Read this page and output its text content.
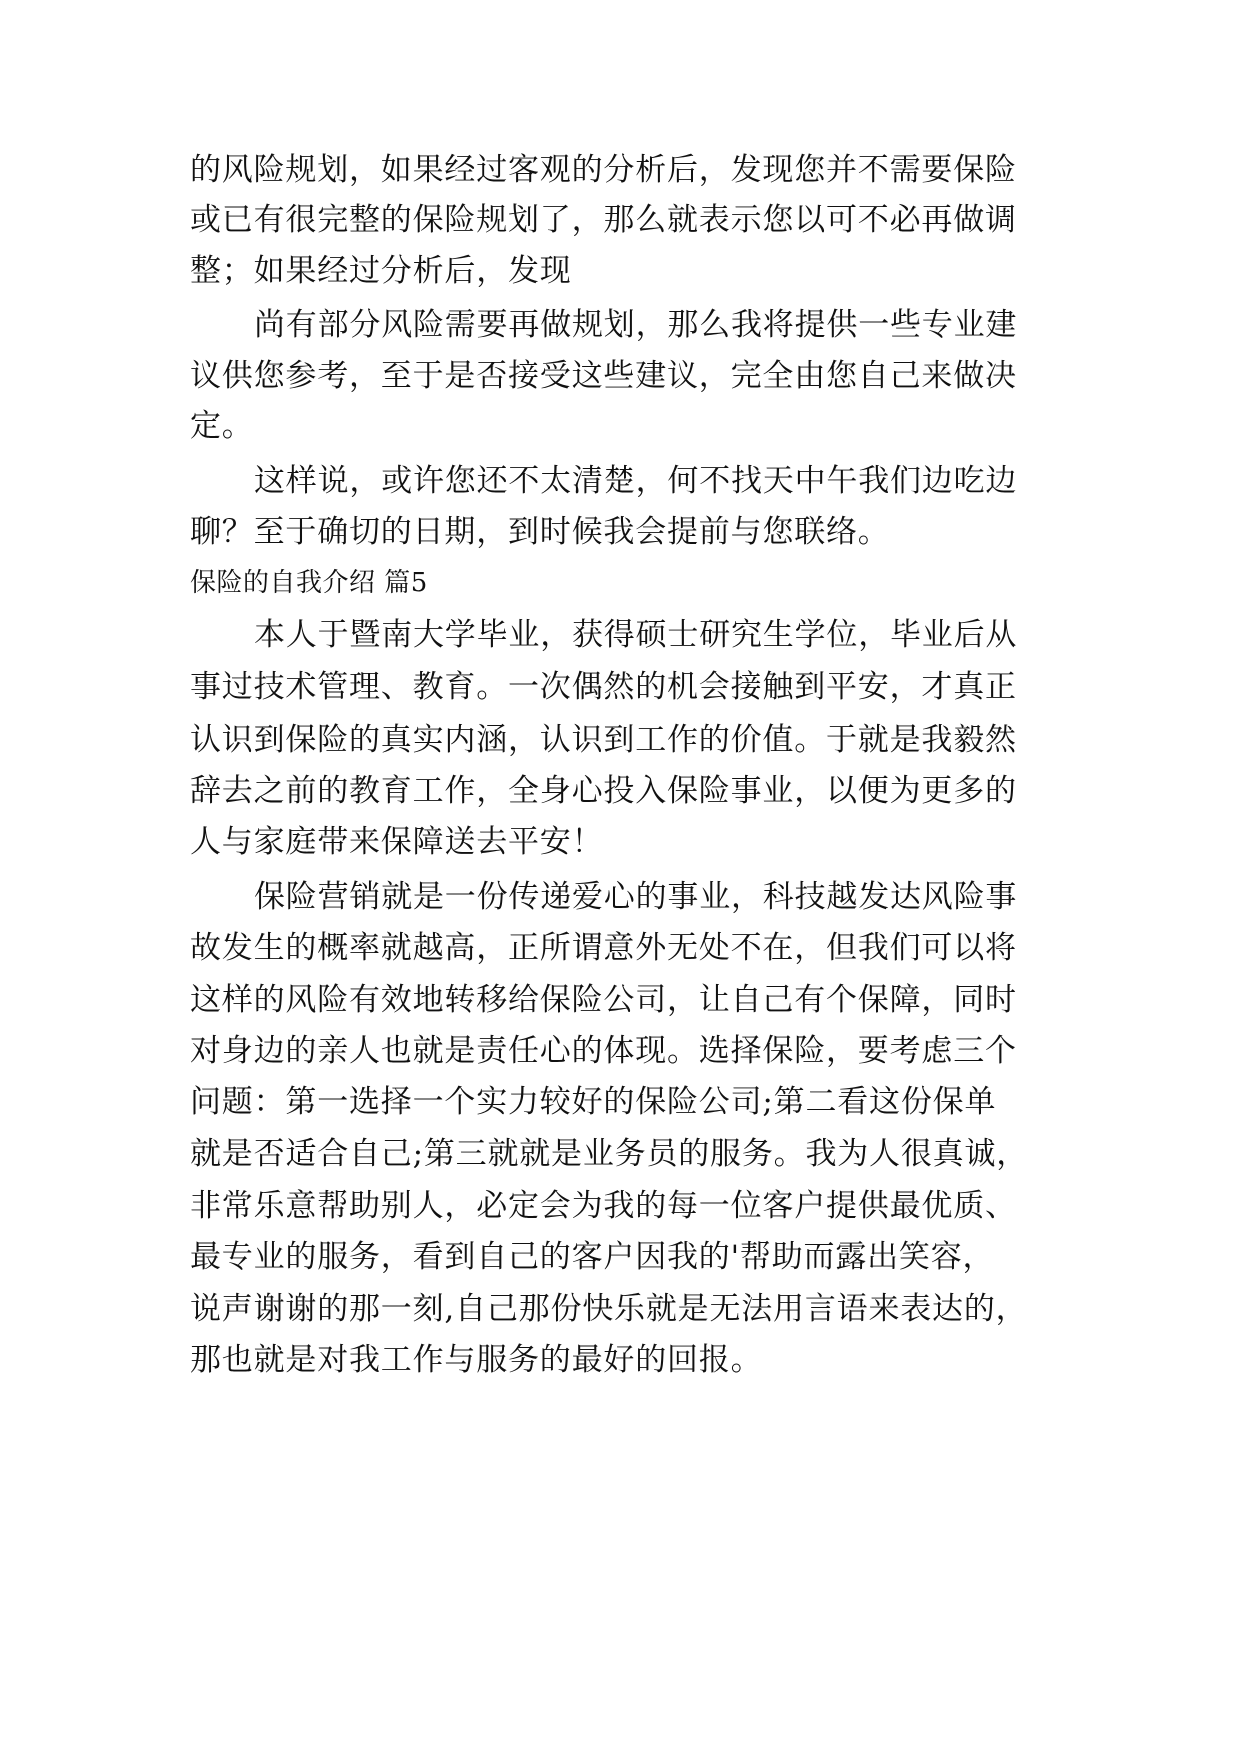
的风险规划，如果经过客观的分析后，发现您并不需要保险
或已有很完整的保险规划了，那么就表示您以可不必再做调
整；如果经过分析后，发现
尚有部分风险需要再做规划，那么我将提供一些专业建
议供您参考，至于是否接受这些建议，完全由您自己来做决
定。
这样说，或许您还不太清楚，何不找天中午我们边吃边
聊？至于确切的日期，到时候我会提前与您联络。
保险的自我介绍 篇5
本人于暨南大学毕业，获得硕士研究生学位，毕业后从
事过技术管理、教育。一次偶然的机会接触到平安，才真正
认识到保险的真实内涵，认识到工作的价值。于就是我毅然
辞去之前的教育工作，全身心投入保险事业，以便为更多的
人与家庭带来保障送去平安！
保险营销就是一份传递爱心的事业，科技越发达风险事
故发生的概率就越高，正所谓意外无处不在，但我们可以将
这样的风险有效地转移给保险公司，让自己有个保障，同时
对身边的亲人也就是责任心的体现。选择保险，要考虑三个
问题：第一选择一个实力较好的保险公司;第二看这份保单
就是否适合自己;第三就就是业务员的服务。我为人很真诚，
非常乐意帮助别人，必定会为我的每一位客户提供最优质、
最专业的服务，看到自己的客户因我的'帮助而露出笑容，
说声谢谢的那一刻,自己那份快乐就是无法用言语来表达的，
那也就是对我工作与服务的最好的回报。
